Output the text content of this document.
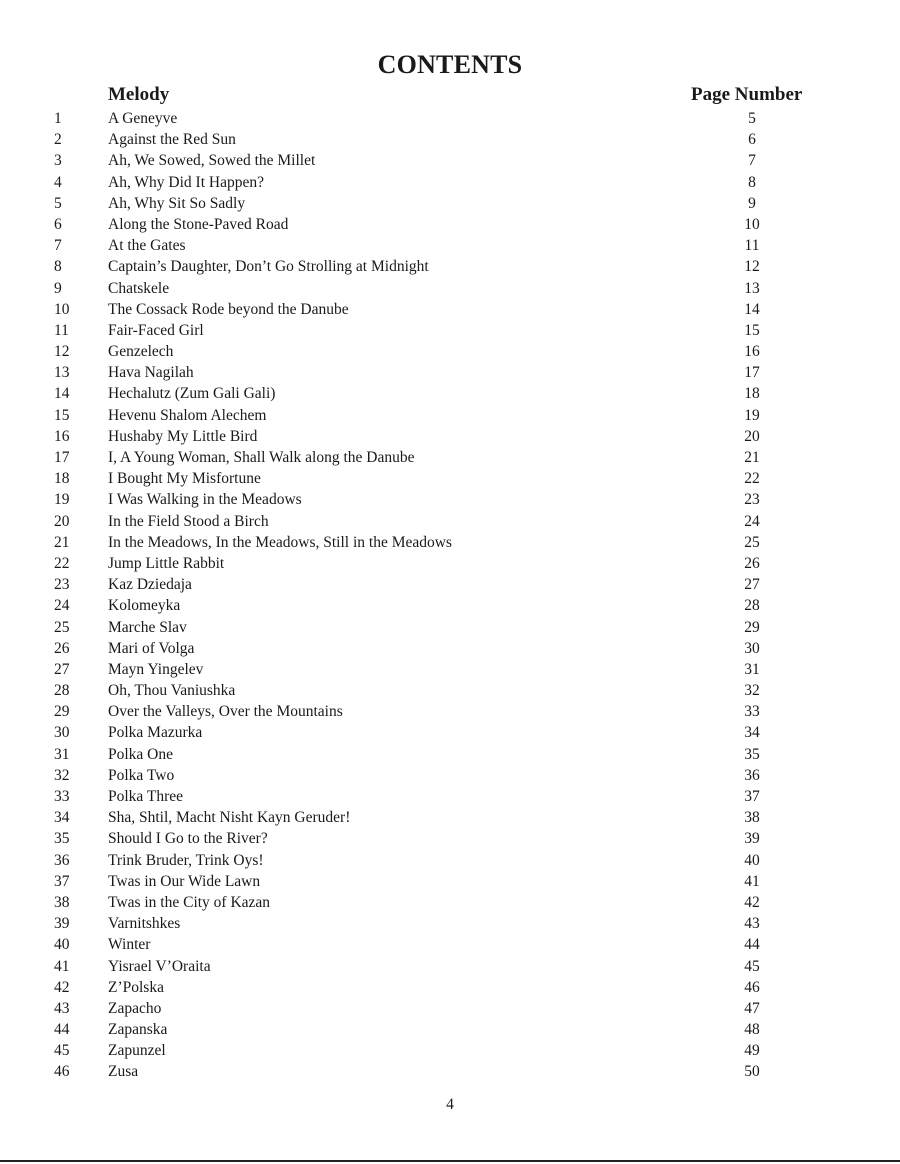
CONTENTS
Melody	Page Number
1	A Geneyve	5
2	Against the Red Sun	6
3	Ah, We Sowed, Sowed the Millet	7
4	Ah, Why Did It Happen?	8
5	Ah, Why Sit So Sadly	9
6	Along the Stone-Paved Road	10
7	At the Gates	11
8	Captain’s Daughter, Don’t Go Strolling at Midnight	12
9	Chatskele	13
10 The Cossack Rode beyond the Danube	14
11	Fair-Faced Girl	15
12 Genzelech	16
13 Hava Nagilah	17
14 Hechalutz (Zum Gali Gali)	18
15 Hevenu Shalom Alechem	19
16 Hushaby My Little Bird	20
17 I, A Young Woman, Shall Walk along the Danube	21
18 I Bought My Misfortune	22
19 I Was Walking in the Meadows	23
20 In the Field Stood a Birch	24
21 In the Meadows, In the Meadows, Still in the Meadows	25
22 Jump Little Rabbit	26
23 Kaz Dziedaja	27
24 Kolomeyka	28
25 Marche Slav	29
26 Mari of Volga	30
27 Mayn Yingelev	31
28 Oh, Thou Vaniushka	32
29 Over the Valleys, Over the Mountains	33
30 Polka Mazurka	34
31 Polka One	35
32 Polka Two	36
33 Polka Three	37
34 Sha, Shtil, Macht Nisht Kayn Geruder!	38
35 Should I Go to the River?	39
36 Trink Bruder, Trink Oys!	40
37 Twas in Our Wide Lawn	41
38 Twas in the City of Kazan	42
39 Varnitshkes	43
40 Winter	44
41 Yisrael V’Oraita	45
42 Z’Polska	46
43 Zapacho	47
44 Zapanska	48
45 Zapunzel	49
46 Zusa	50
4
